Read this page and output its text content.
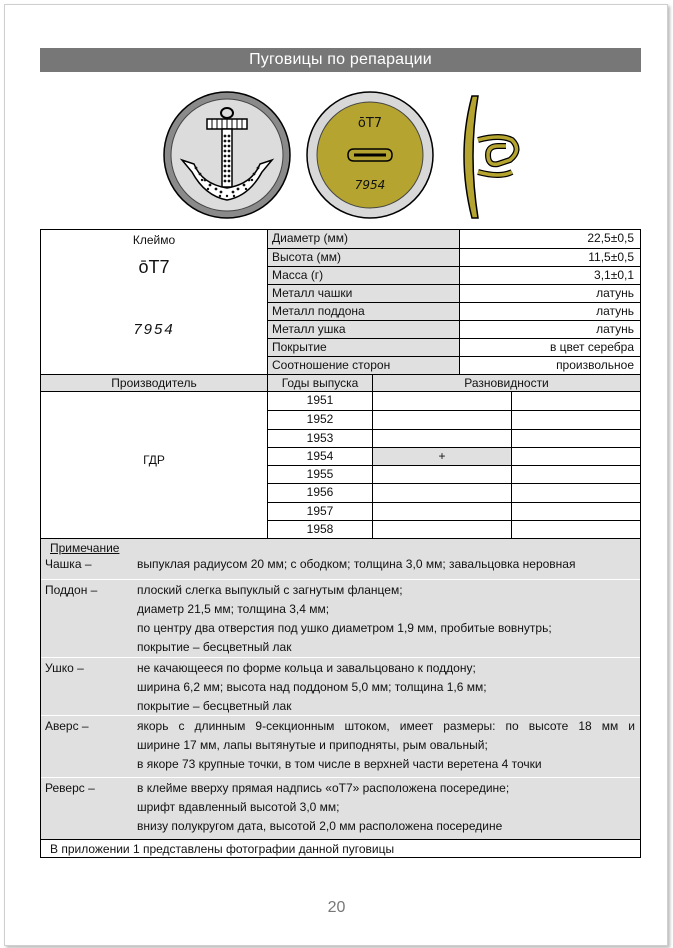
Пуговицы по репарации
ōT7
7954
Клеймо
ōT7
7954
Диаметр (мм)	22,5±0,5
Высота (мм)	11,5±0,5
Масса (г)	3,1±0,1
Металл чашки	латунь
Металл поддона	латунь
Металл ушка	латунь
Покрытие	в цвет серебра
Соотношение сторон	произвольное
Производитель	Годы выпуска	Разновидности
ГДР
1951
1952
1953
1954	+
1955
1956
1957
1958
Примечание
Чашка –	выпуклая радиусом 20 мм; с ободком; толщина 3,0 мм; завальцовка неровная
Поддон –	плоский слегка выпуклый с загнутым фланцем;
диаметр 21,5 мм; толщина 3,4 мм;
по центру два отверстия под ушко диаметром 1,9 мм, пробитые вовнутрь;
покрытие – бесцветный лак
Ушко –	не качающееся по форме кольца и завальцовано к поддону;
ширина 6,2 мм; высота над поддоном 5,0 мм; толщина 1,6 мм;
покрытие – бесцветный лак
Аверс –	якорь с длинным 9-секционным штоком, имеет размеры: по высоте 18 мм и
ширине 17 мм, лапы вытянутые и приподняты, рым овальный;
в якоре 73 крупные точки, в том числе в верхней части веретена 4 точки
Реверс –	в клейме вверху прямая надпись «оТ7» расположена посередине;
шрифт вдавленный высотой 3,0 мм;
внизу полукругом дата, высотой 2,0 мм расположена посередине
В приложении 1 представлены фотографии данной пуговицы
20
